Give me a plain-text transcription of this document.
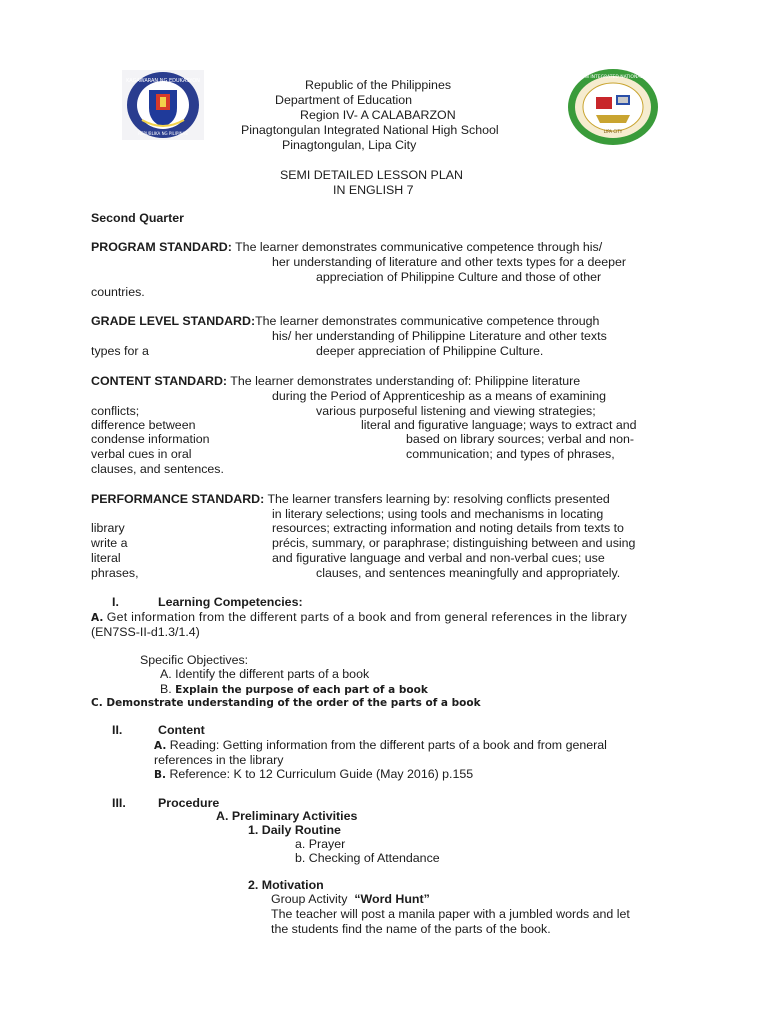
KAGAWARAN NG EDUKASYON
REPUBLIKA NG PILIPINAS
PINAGTONGULAN INTEGRATED NATIONAL HIGH SCHOOL
LIPA CITY
Republic of the Philippines
Department of Education
Region IV- A CALABARZON
Pinagtongulan Integrated National High School
Pinagtongulan, Lipa City
SEMI DETAILED LESSON PLAN
IN ENGLISH 7
Second Quarter
PROGRAM STANDARD: The learner demonstrates communicative competence through his/
her understanding of literature and other texts types for a deeper
appreciation of Philippine Culture and those of other
countries.
GRADE LEVEL STANDARD:The learner demonstrates communicative competence through
his/ her understanding of Philippine Literature and other texts
types for a	deeper appreciation of Philippine Culture.
CONTENT STANDARD: The learner demonstrates understanding of: Philippine literature
during the Period of Apprenticeship as a means of examining
conflicts;	various purposeful listening and viewing strategies;
difference between	literal and figurative language; ways to extract and
condense information	based on library sources; verbal and non-
verbal cues in oral	communication; and types of phrases,
clauses, and sentences.
PERFORMANCE STANDARD: The learner transfers learning by: resolving conflicts presented
in literary selections; using tools and mechanisms in locating
library	resources; extracting information and noting details from texts to
write a	précis, summary, or paraphrase; distinguishing between and using
literal	and figurative language and verbal and non-verbal cues; use
phrases,	clauses, and sentences meaningfully and appropriately.
I.	Learning Competencies:
A. Get information from the different parts of a book and from general references in the library
(EN7SS-II-d1.3/1.4)
Specific Objectives:
A. Identify the different parts of a book
B. Explain the purpose of each part of a book
C. Demonstrate understanding of the order of the parts of a book
II.	Content
A. Reading: Getting information from the different parts of a book and from general
references in the library
B. Reference: K to 12 Curriculum Guide (May 2016) p.155
III.	Procedure
A. Preliminary Activities
1. Daily Routine
a. Prayer
b. Checking of Attendance
2. Motivation
Group Activity “Word Hunt”
The teacher will post a manila paper with a jumbled words and let
the students find the name of the parts of the book.
